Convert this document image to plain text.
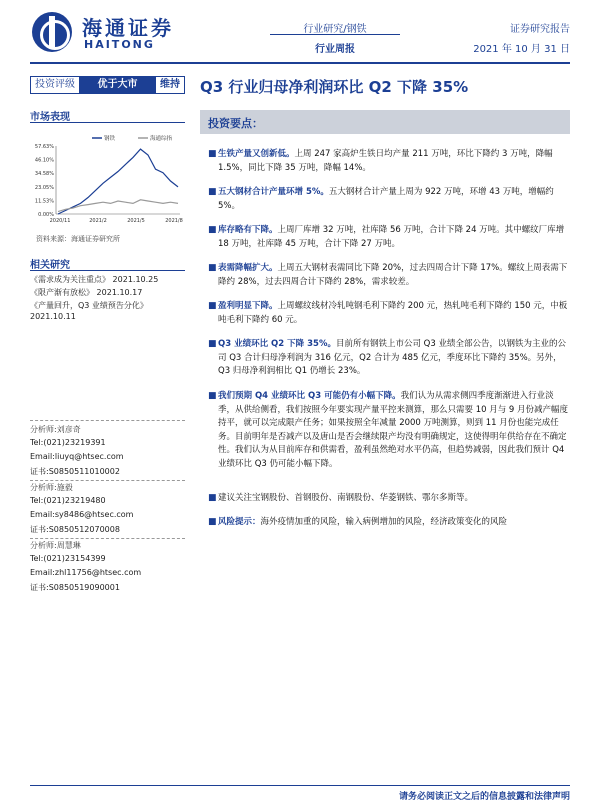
海通证券
HAITONG
行业研究/钢铁
行业周报
证券研究报告
2021 年 10 月 31 日
投资评级	优于大市	维持 Q3 行业归母净利润环比 Q2 下降 35%
市场表现
钢铁	海通综指
57.63%
46.10%
34.58%
23.05%
11.53%
0.00%
2020/11	2021/2	2021/5	2021/8
资料来源：海通证券研究所
相关研究
《需求成为关注重点》 2021.10.25
《限产渐有放松》 2021.10.17
《产量回升，Q3 业绩预告分化》
2021.10.11
分析师:刘彦奇
Tel:(021)23219391
Email:liuyq@htsec.com
证书:S0850511010002
分析师:施毅
Tel:(021)23219480
Email:sy8486@htsec.com
证书:S0850512070008
分析师:周慧琳
Tel:(021)23154399
Email:zhl11756@htsec.com
证书:S0850519090001
投资要点：
■ 生铁产量又创新低。上周 247 家高炉生铁日均产量 211 万吨，环比下降约 3 万吨，降幅 1.5%，同比下降 35 万吨，降幅 14%。
■ 五大钢材合计产量环增 5%。五大钢材合计产量上周为 922 万吨，环增 43 万吨，增幅约 5%。
■ 库存略有下降。上周厂库增 32 万吨，社库降 56 万吨，合计下降 24 万吨。其中螺纹厂库增 18 万吨，社库降 45 万吨，合计下降 27 万吨。
■ 表需降幅扩大。上周五大钢材表需同比下降 20%，过去四周合计下降 17%。螺纹上周表需下降约 28%，过去四周合计下降约 28%，需求较差。
■ 盈利明显下降。上周螺纹线材冷轧吨钢毛利下降约 200 元，热轧吨毛利下降约 150 元，中板吨毛利下降约 60 元。
■ Q3 业绩环比 Q2 下降 35%。目前所有钢铁上市公司 Q3 业绩全部公告，以钢铁为主业的公司 Q3 合计归母净利润为 316 亿元，Q2 合计为 485 亿元，季度环比下降约 35%。另外，Q3 归母净利润相比 Q1 仍增长 23%。
■ 我们预期 Q4 业绩环比 Q3 可能仍有小幅下降。我们认为从需求侧四季度渐渐进入行业淡季，从供给侧看，我们按照今年要实现产量平控来测算，那么只需要 10 月与 9 月份减产幅度持平，就可以完成限产任务；如果按照全年减量 2000 万吨测算，则到 11 月份也能完成任务。目前明年是否减产以及唐山是否会继续限产均没有明确规定，这使得明年供给存在不确定性。我们认为从目前库存和供需看，盈利虽然绝对水平仍高，但趋势减弱，因此我们预计 Q4 业绩环比 Q3 仍可能小幅下降。
■ 建议关注宝钢股份、首钢股份、南钢股份、华菱钢铁、鄂尔多斯等。
■ 风险提示：海外疫情加重的风险，输入病例增加的风险，经济政策变化的风险
请务必阅读正文之后的信息披露和法律声明
